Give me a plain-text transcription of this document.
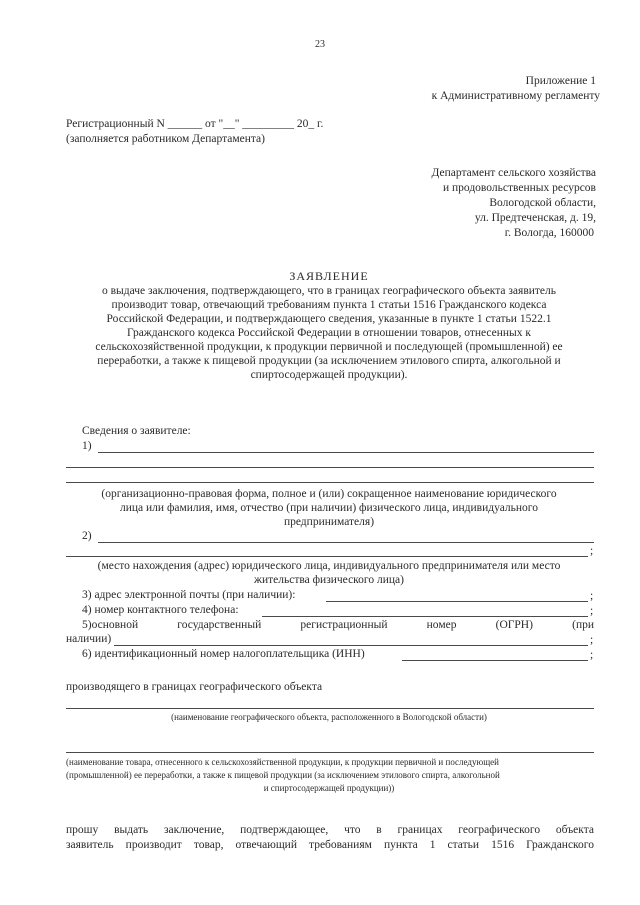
23

Приложение 1

к Административному регламенту

Регистрационный N ______ от "__" _________ 20_ г.

(заполняется работником Департамента)

Департамент сельского хозяйства

и продовольственных ресурсов

Вологодской области,

ул. Предтеченская, д. 19,

г. Вологда, 160000

ЗАЯВЛЕНИЕ

о выдаче заключения, подтверждающего, что в границах географического объекта заявитель

производит товар, отвечающий требованиям пункта 1 статьи 1516 Гражданского кодекса

Российской Федерации, и подтверждающего сведения, указанные в пункте 1 статьи 1522.1

Гражданского кодекса Российской Федерации в отношении товаров, отнесенных к

сельскохозяйственной продукции, к продукции первичной и последующей (промышленной) ее

переработки, а также к пищевой продукции (за исключением этилового спирта, алкогольной и

спиртосодержащей продукции).

Сведения о заявителе:

1)

(организационно-правовая форма, полное и (или) сокращенное наименование юридического

лица или фамилия, имя, отчество (при наличии) физического лица, индивидуального

предпринимателя)

2)

;

(место нахождения (адрес) юридического лица, индивидуального предпринимателя или место

жительства физического лица)

3) адрес электронной почты (при наличии):	;

4) номер контактного телефона:	;

5)основной	государственный	регистрационный	номер	(ОГРН)	(при

наличии)	;

6) идентификационный номер налогоплательщика (ИНН)	;

производящего в границах географического объекта

(наименование географического объекта, расположенного в Вологодской области)

(наименование товара, отнесенного к сельскохозяйственной продукции, к продукции первичной и последующей

(промышленной) ее переработки, а также к пищевой продукции (за исключением этилового спирта, алкогольной

и спиртосодержащей продукции))

прошу выдать заключение, подтверждающее, что в границах географического объекта

заявитель производит товар, отвечающий требованиям пункта 1 статьи 1516 Гражданского
